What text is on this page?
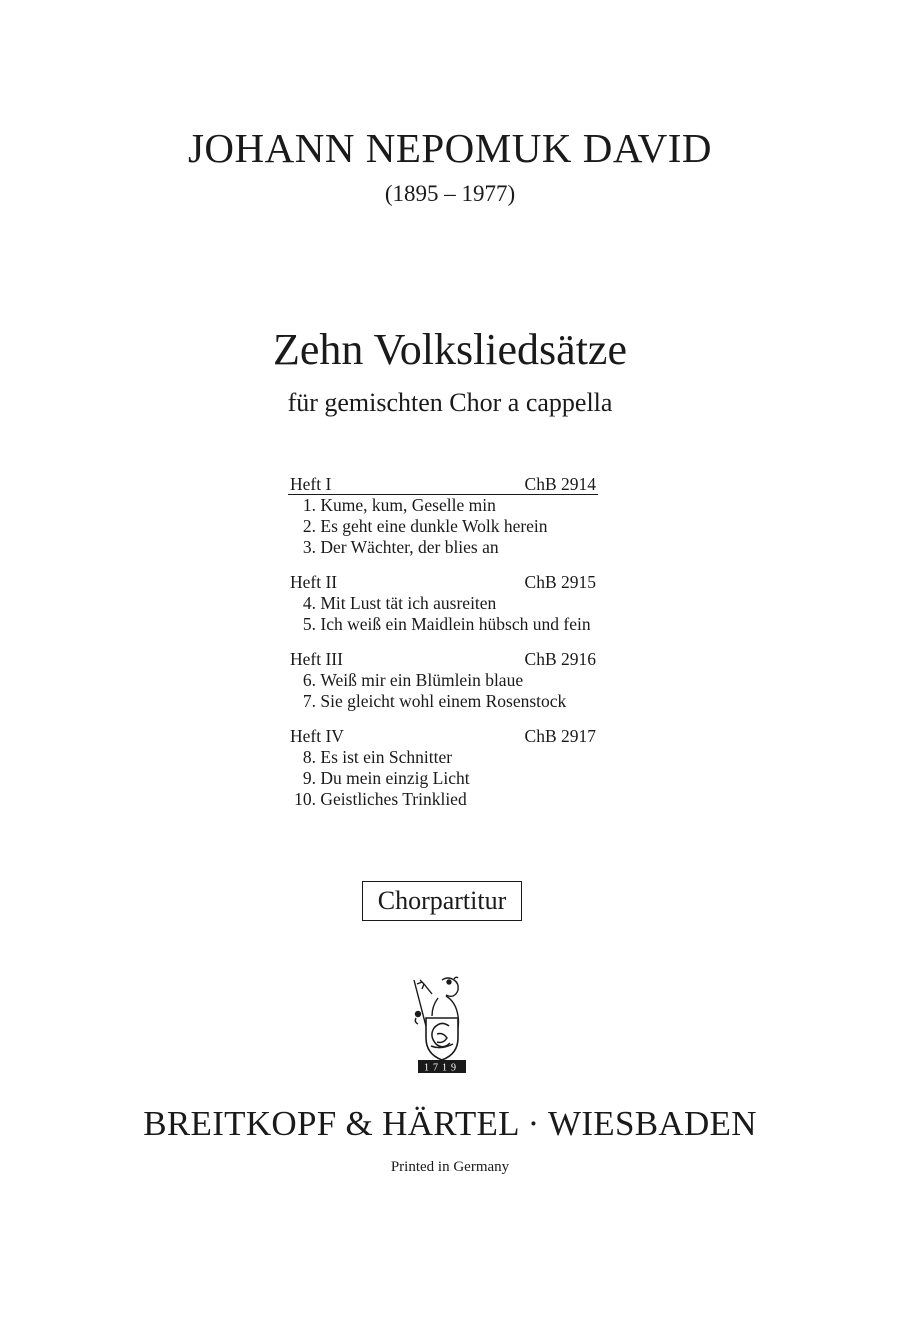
JOHANN NEPOMUK DAVID
(1895 – 1977)
Zehn Volksliedsätze
für gemischten Chor a cappella
Heft I	ChB 2914
1.
Kume, kum, Geselle min
2.
Es geht eine dunkle Wolk herein
3.
Der Wächter, der blies an
Heft II	ChB 2915
4.
Mit Lust tät ich ausreiten
5.
Ich weiß ein Maidlein hübsch und fein
Heft III	ChB 2916
6.
Weiß mir ein Blümlein blaue
7.
Sie gleicht wohl einem Rosenstock
Heft IV	ChB 2917
8.
Es ist ein Schnitter
9.
Du mein einzig Licht
10.
Geistliches Trinklied
Chorpartitur
1719
BREITKOPF & HÄRTEL · WIESBADEN
Printed in Germany
